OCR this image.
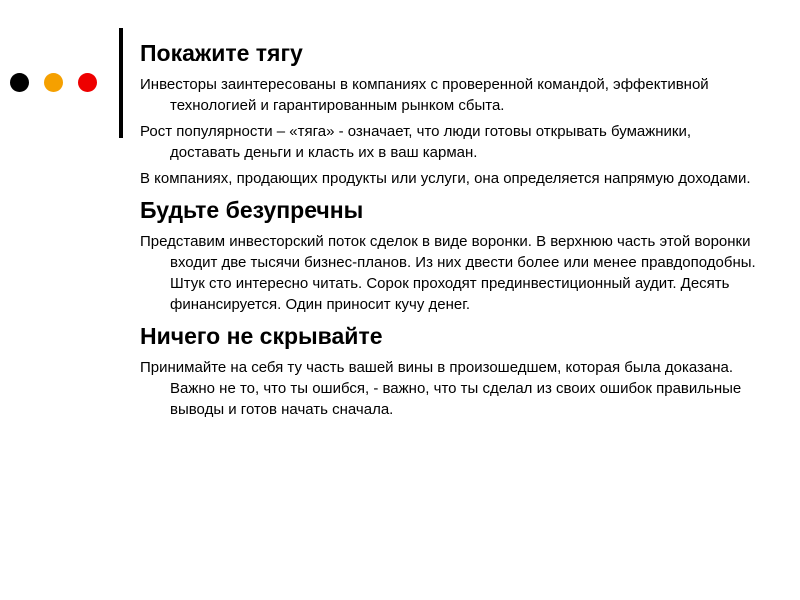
Покажите тягу
Инвесторы заинтересованы в компаниях с проверенной командой, эффективной технологией и гарантированным рынком сбыта.
Рост популярности – «тяга» - означает, что люди готовы открывать бумажники, доставать деньги и класть их в ваш карман.
В компаниях, продающих продукты или услуги, она определяется напрямую доходами.
Будьте безупречны
Представим инвесторский поток сделок в виде воронки. В верхнюю часть этой воронки входит две тысячи бизнес-планов. Из них двести более или менее правдоподобны. Штук сто интересно читать. Сорок проходят прединвестиционный аудит. Десять финансируется. Один приносит кучу денег.
Ничего не скрывайте
Принимайте на себя ту часть вашей вины в произошедшем, которая была доказана. Важно не то, что ты ошибся, - важно, что ты сделал из своих ошибок правильные выводы и готов начать сначала.
